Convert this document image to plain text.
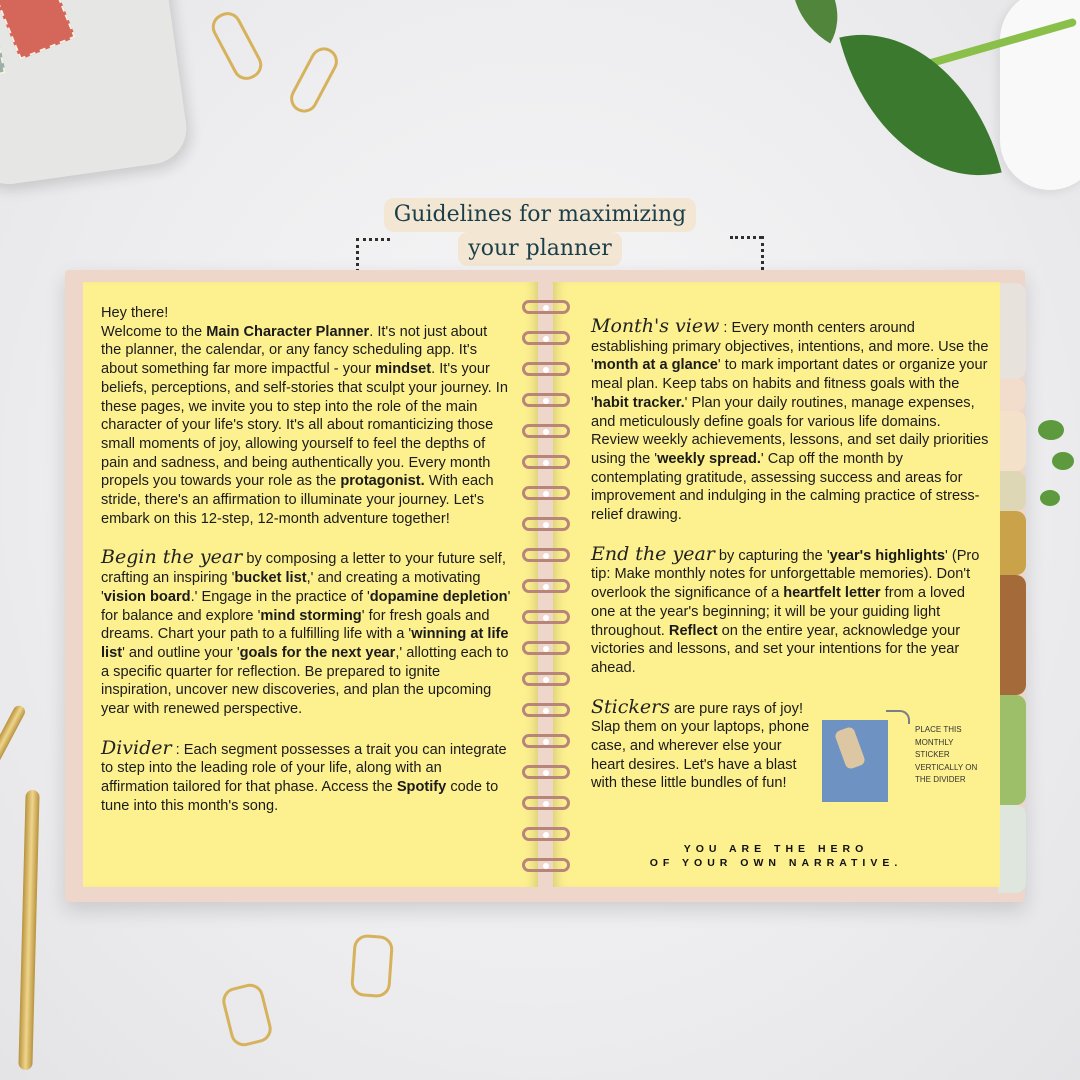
Guidelines for maximizing
your planner

Hey there!
Welcome to the Main Character Planner. It's not just about the planner, the calendar, or any fancy scheduling app. It's about something far more impactful - your mindset. It's your beliefs, perceptions, and self-stories that sculpt your journey. In these pages, we invite you to step into the role of the main character of your life's story. It's all about romanticizing those small moments of joy, allowing yourself to feel the depths of pain and sadness, and being authentically you. Every month propels you towards your role as the protagonist. With each stride, there's an affirmation to illuminate your journey. Let's embark on this 12-step, 12-month adventure together!

Begin the year by composing a letter to your future self, crafting an inspiring 'bucket list,' and creating a motivating 'vision board.' Engage in the practice of 'dopamine depletion' for balance and explore 'mind storming' for fresh goals and dreams. Chart your path to a fulfilling life with a 'winning at life list' and outline your 'goals for the next year,' allotting each to a specific quarter for reflection. Be prepared to ignite inspiration, uncover new discoveries, and plan the upcoming year with renewed perspective.

Divider : Each segment possesses a trait you can integrate to step into the leading role of your life, along with an affirmation tailored for that phase. Access the Spotify code to tune into this month's song.

Month's view : Every month centers around establishing primary objectives, intentions, and more. Use the 'month at a glance' to mark important dates or organize your meal plan. Keep tabs on habits and fitness goals with the 'habit tracker.' Plan your daily routines, manage expenses, and meticulously define goals for various life domains. Review weekly achievements, lessons, and set daily priorities using the 'weekly spread.' Cap off the month by contemplating gratitude, assessing success and areas for improvement and indulging in the calming practice of stress-relief drawing.

End the year by capturing the 'year's highlights' (Pro tip: Make monthly notes for unforgettable memories). Don't overlook the significance of a heartfelt letter from a loved one at the year's beginning; it will be your guiding light throughout. Reflect on the entire year, acknowledge your victories and lessons, and set your intentions for the year ahead.

Stickers are pure rays of joy! Slap them on your laptops, phone case, and wherever else your heart desires. Let's have a blast with these little bundles of fun!

PLACE THIS MONTHLY STICKER VERTICALLY ON THE DIVIDER
YOU ARE THE HERO
OF YOUR OWN NARRATIVE.
